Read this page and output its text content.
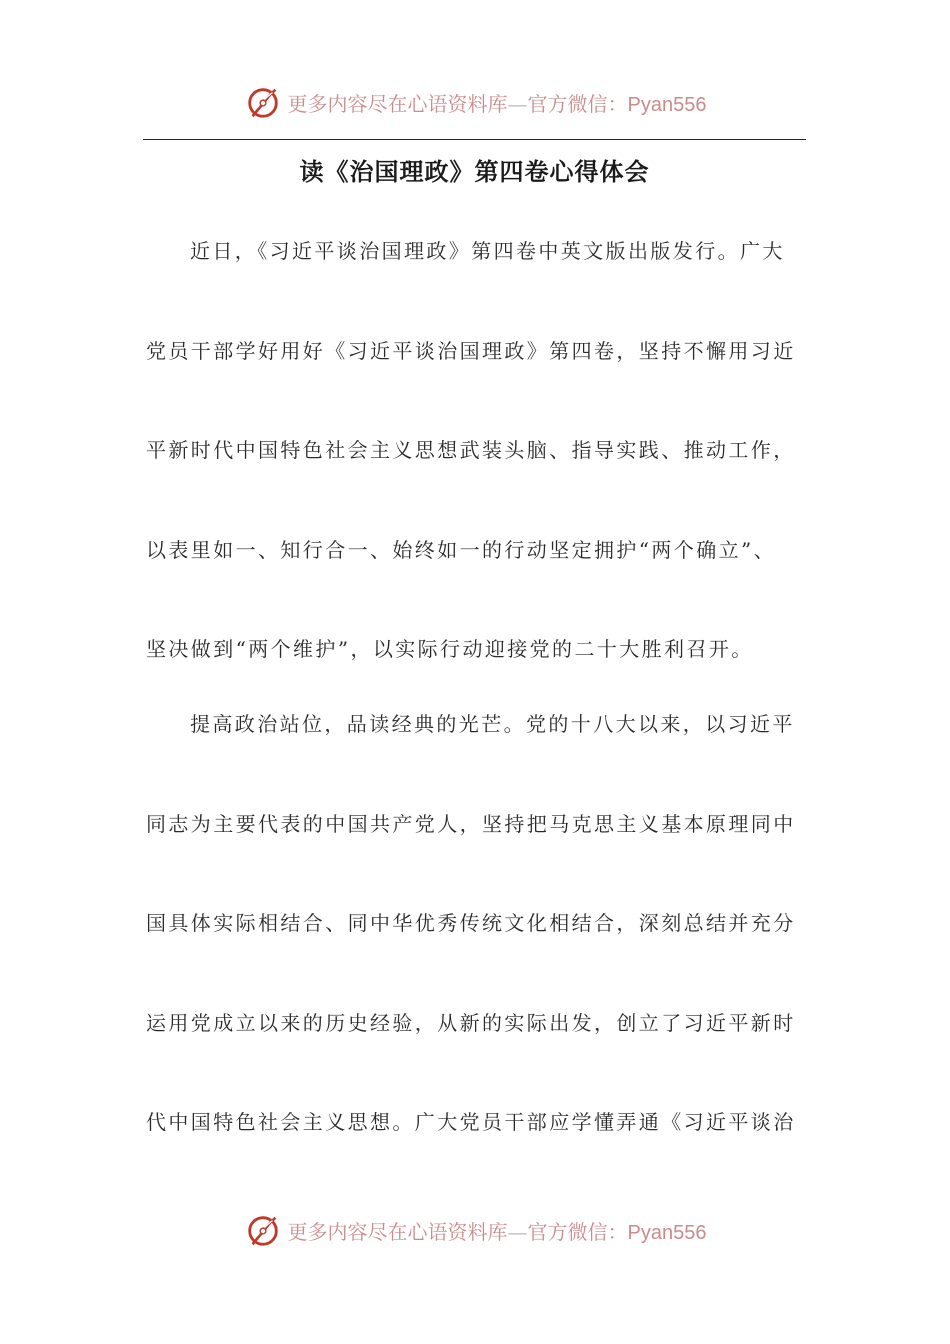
更多内容尽在心语资料库—官方微信：Pyan556
读《治国理政》第四卷心得体会

近日，《习近平谈治国理政》第四卷中英文版出版发行。广大

党员干部学好用好《习近平谈治国理政》第四卷，坚持不懈用习近

平新时代中国特色社会主义思想武装头脑、指导实践、推动工作，

以表里如一、知行合一、始终如一的行动坚定拥护“两个确立”、

坚决做到“两个维护”，以实际行动迎接党的二十大胜利召开。

提高政治站位，品读经典的光芒。党的十八大以来，以习近平

同志为主要代表的中国共产党人，坚持把马克思主义基本原理同中

国具体实际相结合、同中华优秀传统文化相结合，深刻总结并充分

运用党成立以来的历史经验，从新的实际出发，创立了习近平新时

代中国特色社会主义思想。广大党员干部应学懂弄通《习近平谈治

更多内容尽在心语资料库—官方微信：Pyan556
